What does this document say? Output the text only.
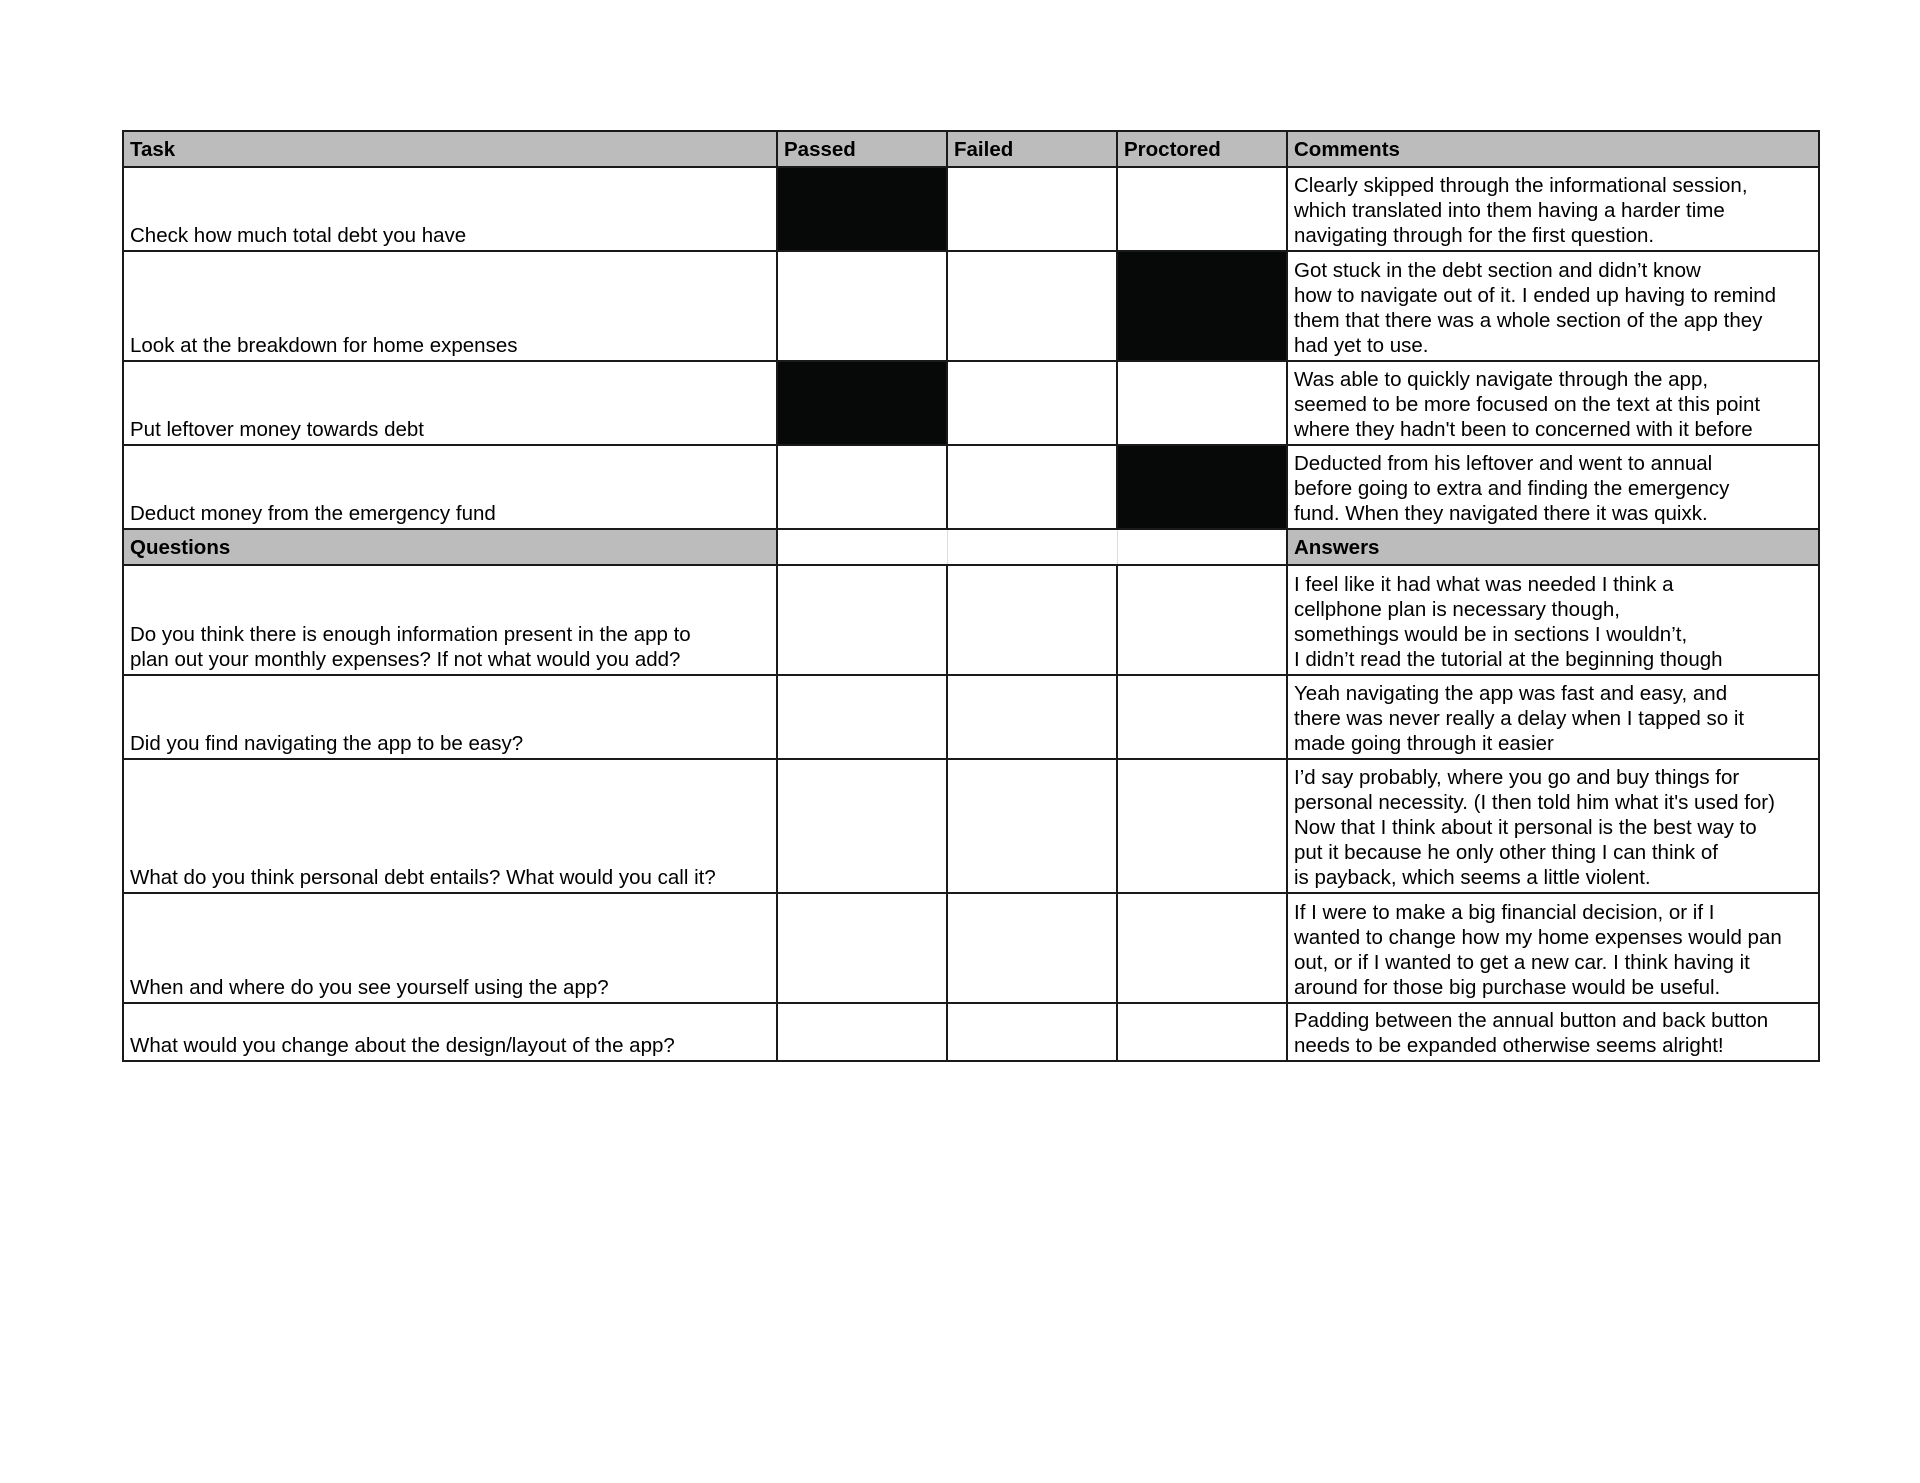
Task	Passed	Failed	Proctored	Comments
Check how much total debt you have				Clearly skipped through the informational session,
which translated into them having a harder time
navigating through for the first question.

Look at the breakdown for home expenses				Got stuck in the debt section and didn’t know
how to navigate out of it. I ended up having to remind
them that there was a whole section of the app they
had yet to use.

Put leftover money towards debt				Was able to quickly navigate through the app,
seemed to be more focused on the text at this point
where they hadn't been to concerned with it before

Deduct money from the emergency fund				Deducted from his leftover and went to annual
before going to extra and finding the emergency
fund. When they navigated there it was quixk.

Questions				Answers

Do you think there is enough information present in the app to
plan out your monthly expenses? If not what would you add?				I feel like it had what was needed I think a
cellphone plan is necessary though,
somethings would be in sections I wouldn’t,
I didn’t read the tutorial at the beginning though

Did you find navigating the app to be easy?				Yeah navigating the app was fast and easy, and
there was never really a delay when I tapped so it
made going through it easier

What do you think personal debt entails? What would you call it?				I’d say probably, where you go and buy things for
personal necessity. (I then told him what it's used for)
Now that I think about it personal is the best way to
put it because he only other thing I can think of
is payback, which seems a little violent.

When and where do you see yourself using the app?				If I were to make a big financial decision, or if I
wanted to change how my home expenses would pan
out, or if I wanted to get a new car. I think having it
around for those big purchase would be useful.

What would you change about the design/layout of the app?				Padding between the annual button and back button
needs to be expanded otherwise seems alright!
